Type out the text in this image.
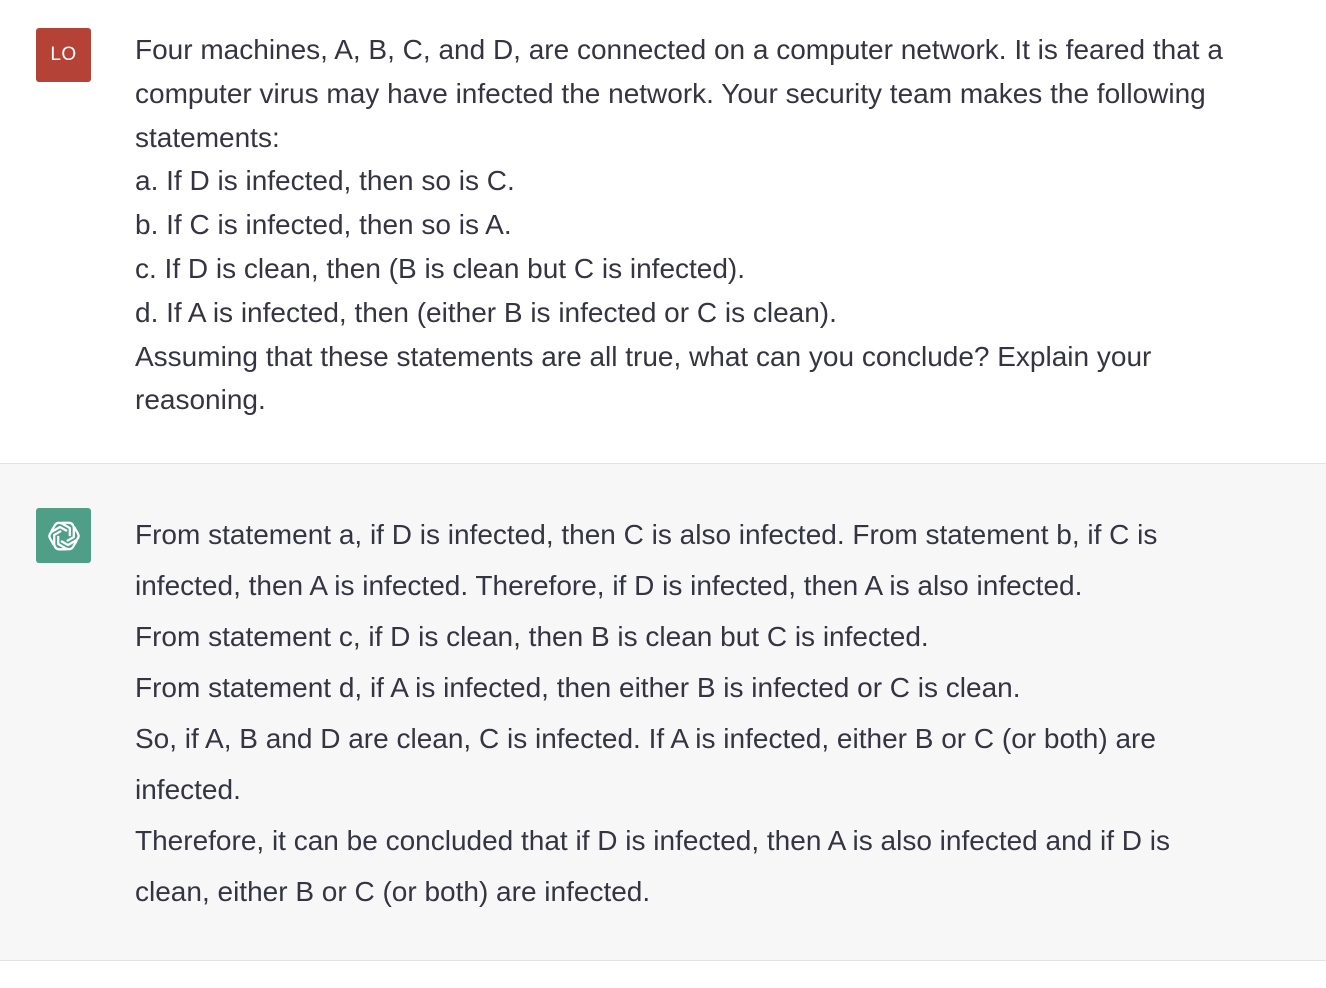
LO	Four machines, A, B, C, and D, are connected on a computer network. It is feared that a
computer virus may have infected the network. Your security team makes the following
statements:
a. If D is infected, then so is C.
b. If C is infected, then so is A.
c. If D is clean, then (B is clean but C is infected).
d. If A is infected, then (either B is infected or C is clean).
Assuming that these statements are all true, what can you conclude? Explain your
reasoning.
From statement a, if D is infected, then C is also infected. From statement b, if C is
infected, then A is infected. Therefore, if D is infected, then A is also infected.
From statement c, if D is clean, then B is clean but C is infected.
From statement d, if A is infected, then either B is infected or C is clean.
So, if A, B and D are clean, C is infected. If A is infected, either B or C (or both) are
infected.
Therefore, it can be concluded that if D is infected, then A is also infected and if D is
clean, either B or C (or both) are infected.
